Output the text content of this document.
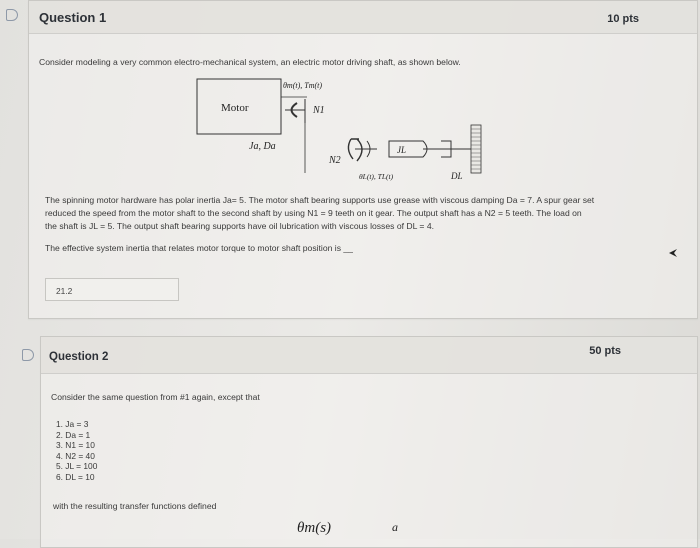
Question 1	10 pts
Consider modeling a very common electro-mechanical system, an electric motor driving shaft, as shown below.
Motor
θm(t), Tm(t)
N1
Ja, Da
N2
JL
θL(t), TL(t)	DL
The spinning motor hardware has polar inertia Ja= 5. The motor shaft bearing supports use grease with viscous damping Da = 7. A spur gear set
reduced the speed from the motor shaft to the second shaft by using N1 = 9 teeth on it gear. The output shaft has a N2 = 5 teeth. The load on
the shaft is JL = 5. The output shaft bearing supports have oil lubrication with viscous losses of DL = 4.
The effective system inertia that relates motor torque to motor shaft position is __
21.2
Question 2	50 pts
Consider the same question from #1 again, except that
1. Ja = 3
2. Da = 1
3. N1 = 10
4. N2 = 40
5. JL = 100
6. DL = 10
with the resulting transfer functions defined
θm(s)	a
